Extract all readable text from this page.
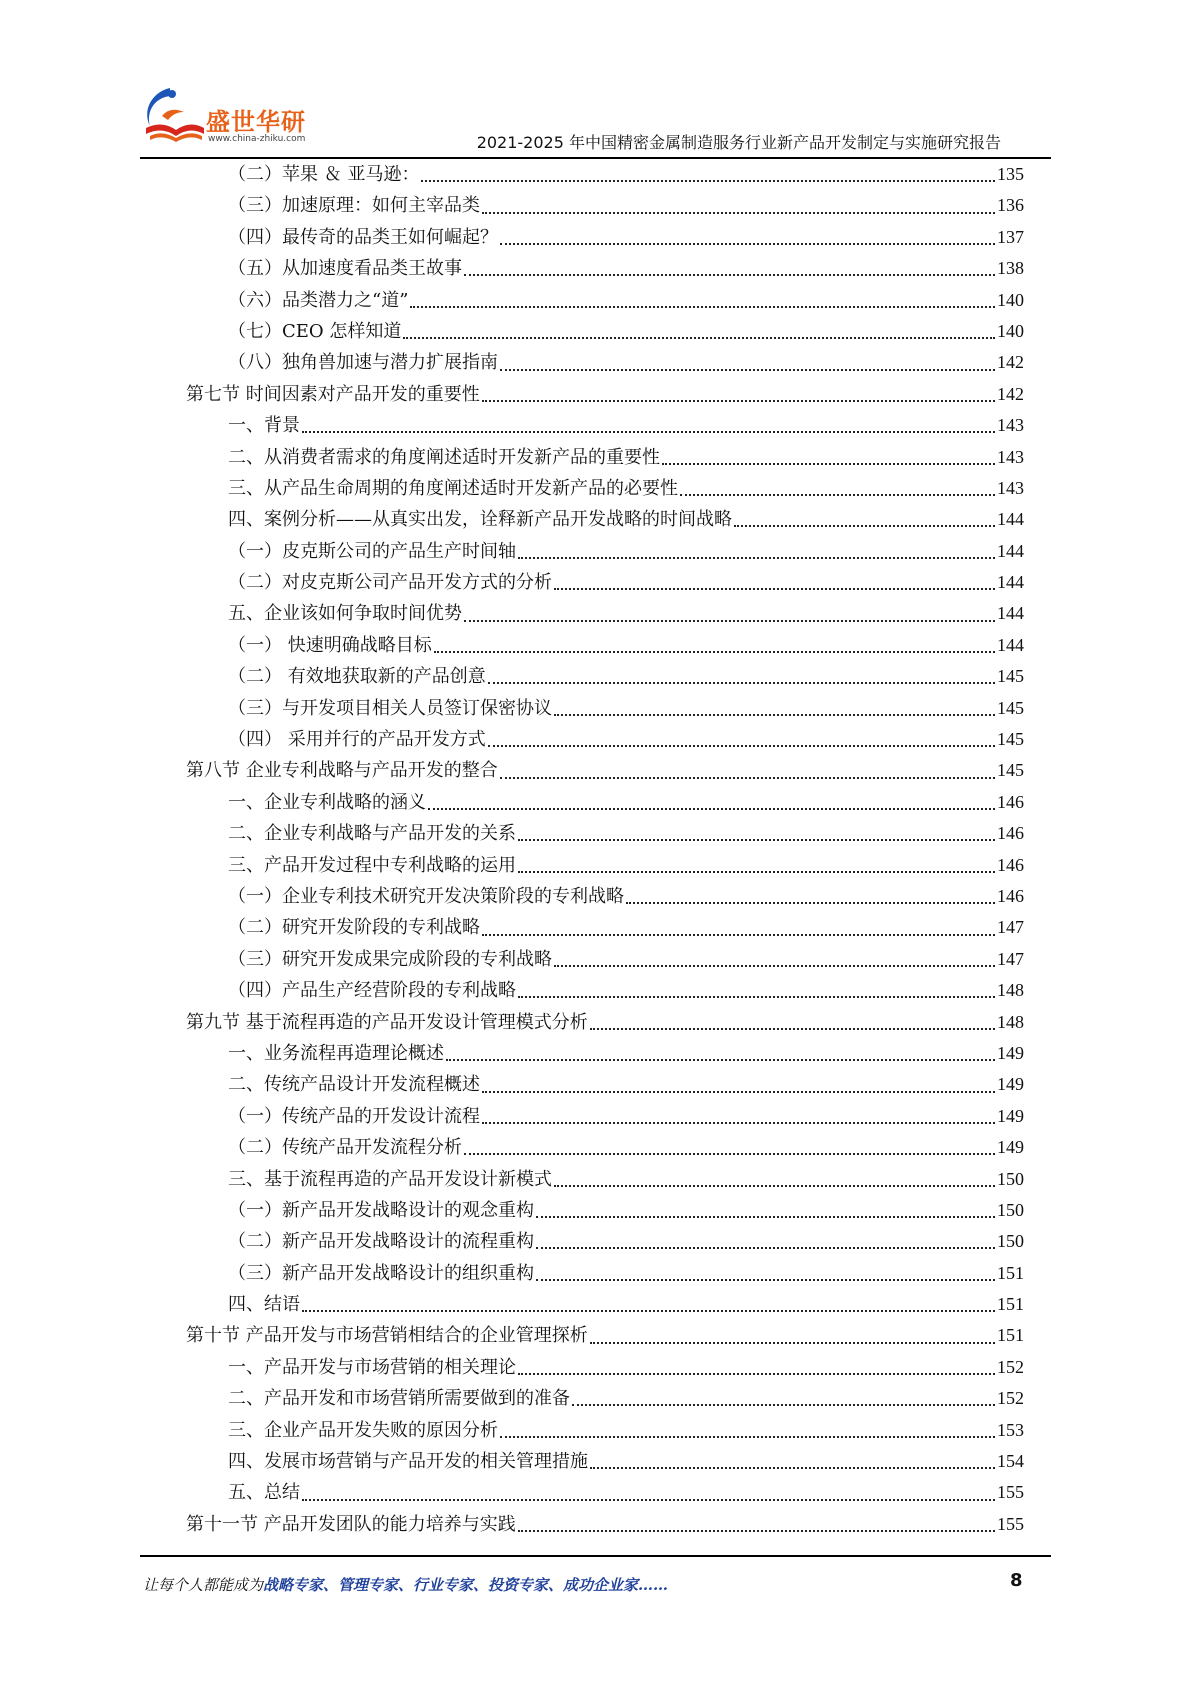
盛世华研
www.china-zhiku.com	2021-2025 年中国精密金属制造服务行业新产品开发制定与实施研究报告
（二）苹果 ＆ 亚马逊：	135
（三）加速原理：如何主宰品类	136
（四）最传奇的品类王如何崛起？	137
（五）从加速度看品类王故事	138
（六）品类潜力之“道”	140
（七）CEO 怎样知道	140
（八）独角兽加速与潜力扩展指南	142
第七节 时间因素对产品开发的重要性	142
一、背景	143
二、从消费者需求的角度阐述适时开发新产品的重要性	143
三、从产品生命周期的角度阐述适时开发新产品的必要性	143
四、案例分析——从真实出发，诠释新产品开发战略的时间战略	144
（一）皮克斯公司的产品生产时间轴	144
（二）对皮克斯公司产品开发方式的分析	144
五、企业该如何争取时间优势	144
（一） 快速明确战略目标	144
（二） 有效地获取新的产品创意	145
（三）与开发项目相关人员签订保密协议	145
（四） 采用并行的产品开发方式	145
第八节 企业专利战略与产品开发的整合	145
一、企业专利战略的涵义	146
二、企业专利战略与产品开发的关系	146
三、产品开发过程中专利战略的运用	146
（一）企业专利技术研究开发决策阶段的专利战略	146
（二）研究开发阶段的专利战略	147
（三）研究开发成果完成阶段的专利战略	147
（四）产品生产经营阶段的专利战略	148
第九节 基于流程再造的产品开发设计管理模式分析	148
一、业务流程再造理论概述	149
二、传统产品设计开发流程概述	149
（一）传统产品的开发设计流程	149
（二）传统产品开发流程分析	149
三、基于流程再造的产品开发设计新模式	150
（一）新产品开发战略设计的观念重构	150
（二）新产品开发战略设计的流程重构	150
（三）新产品开发战略设计的组织重构	151
四、结语	151
第十节 产品开发与市场营销相结合的企业管理探析	151
一、产品开发与市场营销的相关理论	152
二、产品开发和市场营销所需要做到的准备	152
三、企业产品开发失败的原因分析	153
四、发展市场营销与产品开发的相关管理措施	154
五、总结	155
第十一节 产品开发团队的能力培养与实践	155
让每个人都能成为战略专家、管理专家、行业专家、投资专家、成功企业家……	8
